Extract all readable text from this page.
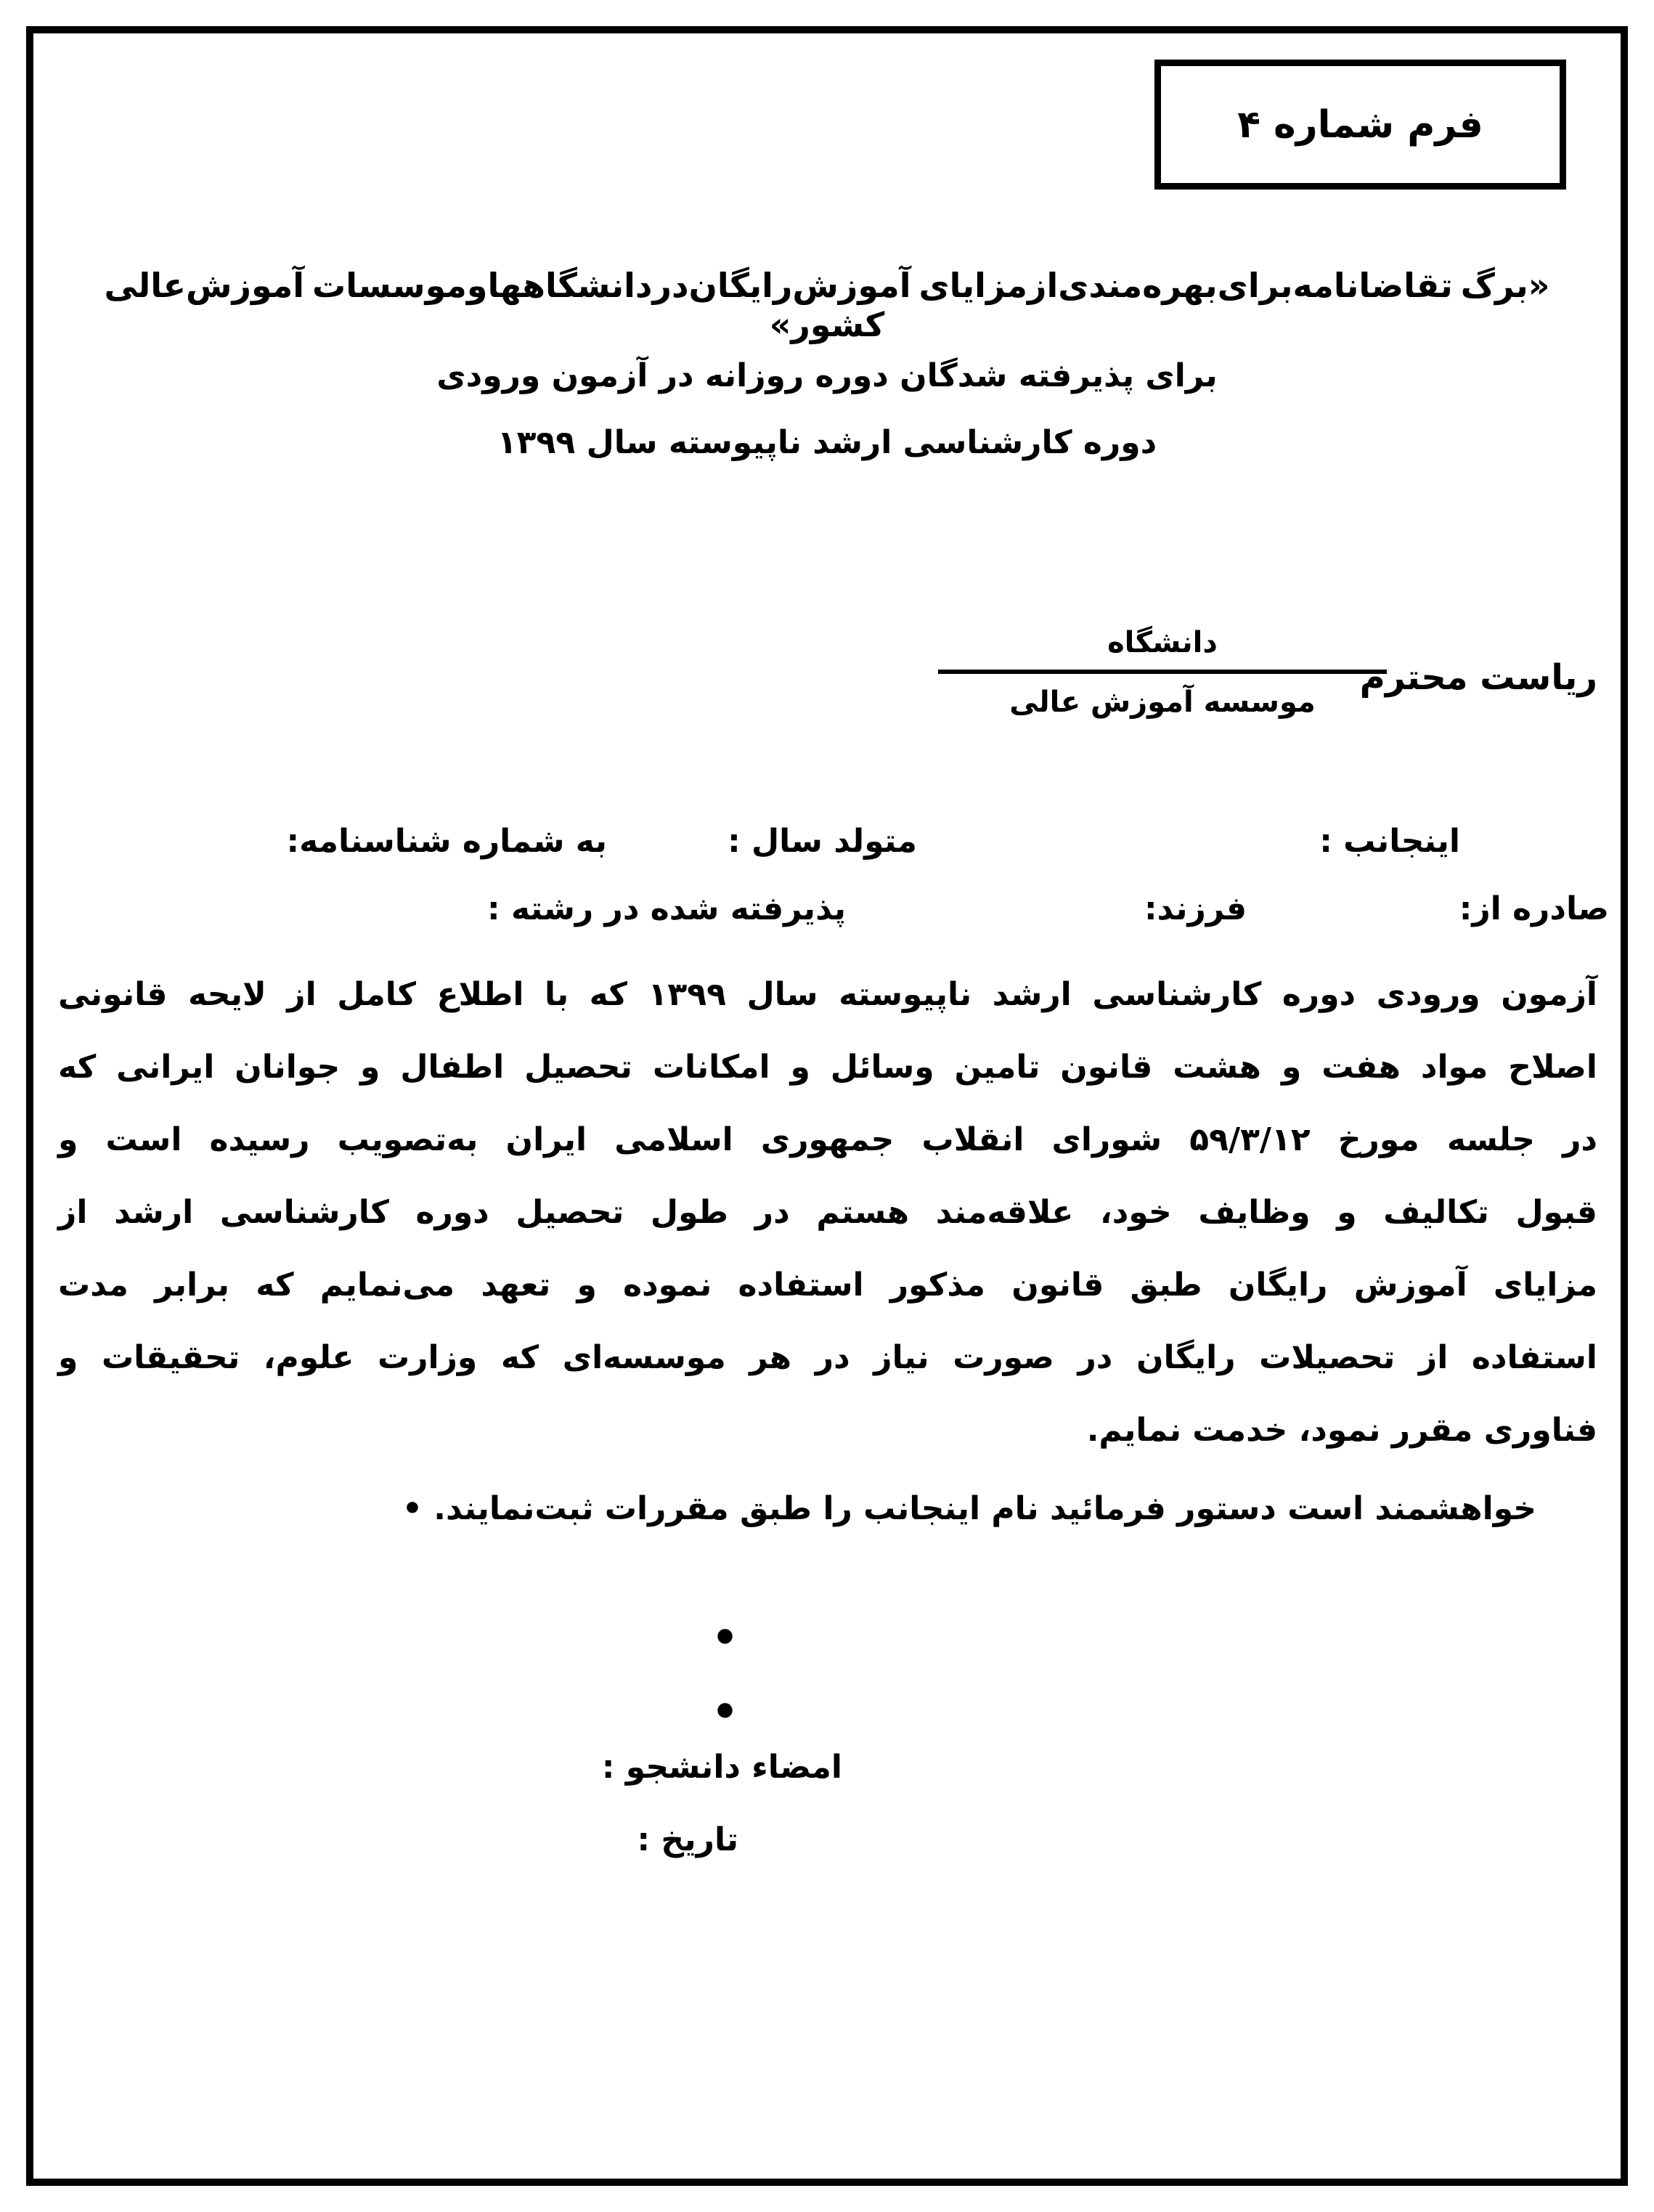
فرم شماره ۴
«برگ تقاضانامه‌برای‌بهره‌مندی‌ازمزایای آموزش‌رایگان‌دردانشگاههاوموسسات آموزش‌عالی کشور»
برای پذیرفته شدگان دوره روزانه در آزمون ورودی
دوره کارشناسی ارشد ناپیوسته سال ۱۳۹۹
ریاست محترم
دانشگاه
موسسه آموزش عالی
اینجانب :
متولد سال :
به شماره شناسنامه:
صادره از:
فرزند:
پذیرفته شده در رشته :
آزمون ورودی دوره کارشناسی ارشد ناپیوسته سال ۱۳۹۹ که با اطلاع کامل از لایحه قانونی
اصلاح مواد هفت و هشت قانون تامین وسائل و امکانات تحصیل اطفال و جوانان ایرانی که
در جلسه مورخ ۵۹/۳/۱۲ شورای انقلاب جمهوری اسلامی ایران به‌تصویب رسیده است و
قبول تکالیف و وظایف خود، علاقه‌مند هستم در طول تحصیل دوره کارشناسی ارشد از
مزایای آموزش رایگان طبق قانون مذکور استفاده نموده و تعهد می‌نمایم که برابر مدت
استفاده از تحصیلات رایگان در صورت نیاز در هر موسسه‌ای که وزارت علوم، تحقیقات و
فناوری مقرر نمود، خدمت نمایم.
خواهشمند است دستور فرمائید نام اینجانب را طبق مقررات ثبت‌نمایند. •
•
•
امضاء دانشجو :
تاریخ :
